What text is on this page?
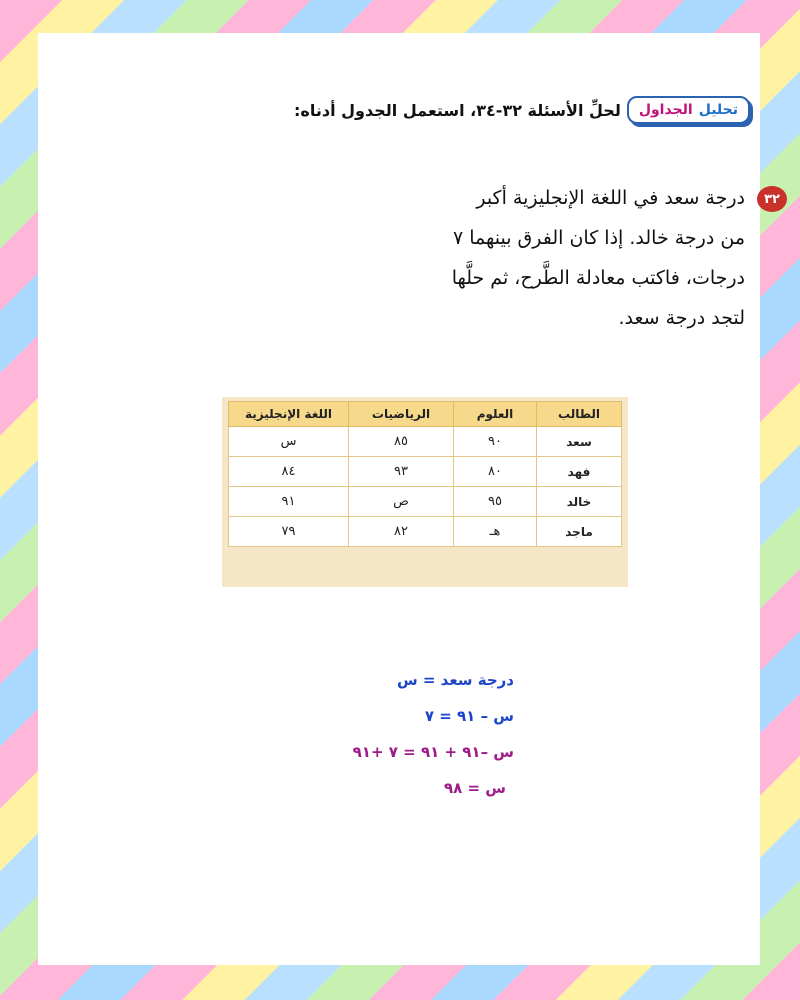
تحليل
الجداول
لحلِّ الأسئلة ٣٢-٣٤، استعمل الجدول أدناه:
٣٢
درجة سعد في اللغة الإنجليزية أكبر
من درجة خالد. إذا كان الفرق بينهما ٧
درجات، فاكتب معادلة الطَّرح، ثم حلَّها
لتجد درجة سعد.
الطالب	العلوم	الرياضيات	اللغة الإنجليزية
سعد	٩٠	٨٥	س
فهد	٨٠	٩٣	٨٤
خالد	٩٥	ص	٩١
ماجد	هـ	٨٢	٧٩
درجة سعد = س
س – ٩١ = ٧
س –٩١ + ٩١ = ٧ +٩١
س = ٩٨
